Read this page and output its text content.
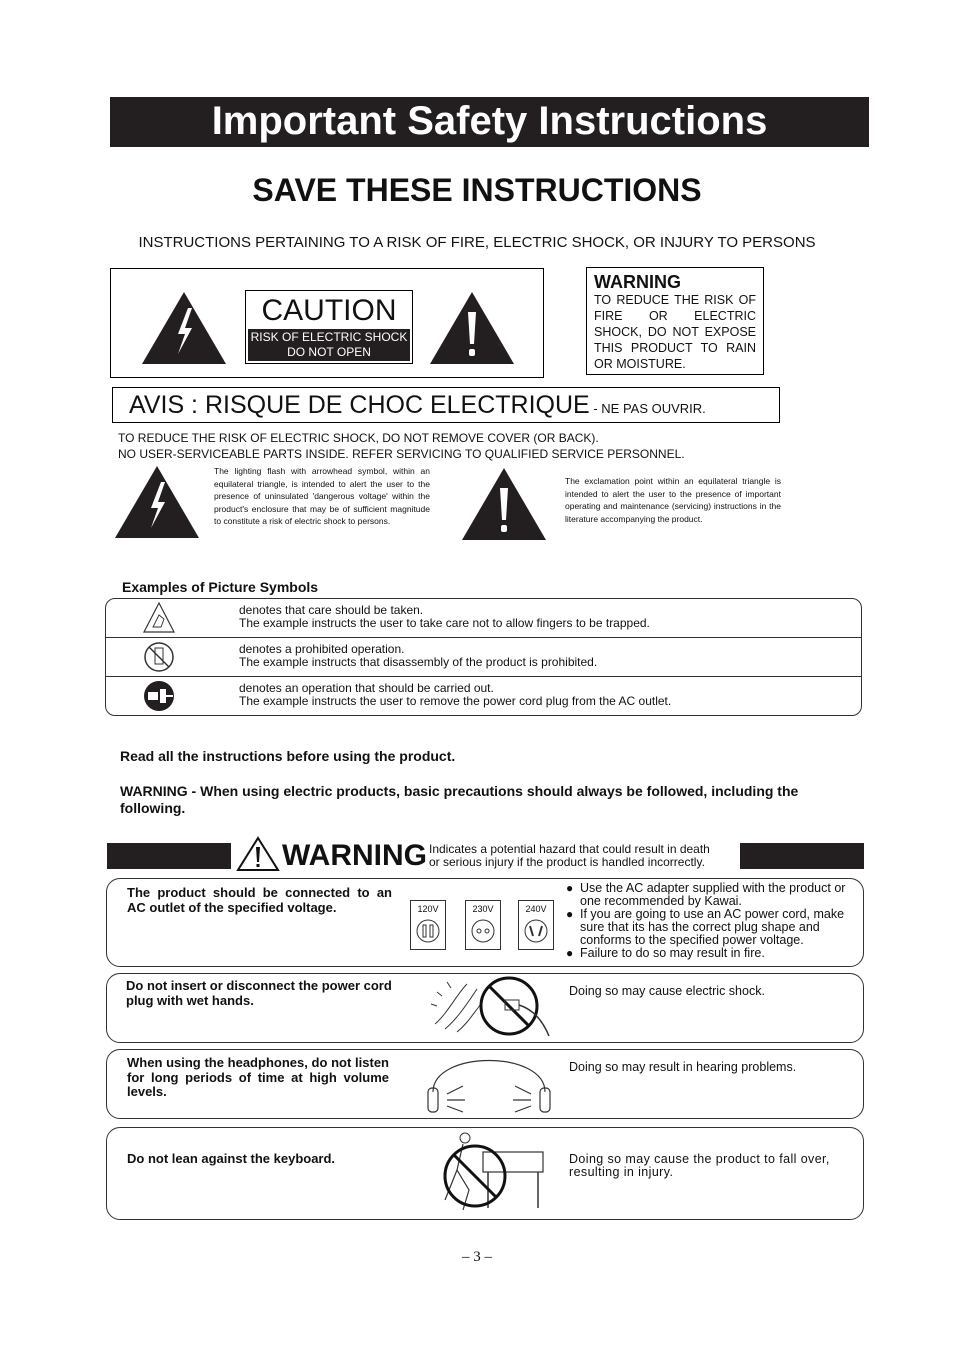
Important Safety Instructions
SAVE THESE INSTRUCTIONS
INSTRUCTIONS PERTAINING TO A RISK OF FIRE, ELECTRIC SHOCK, OR INJURY TO PERSONS
CAUTION
RISK OF ELECTRIC SHOCK
DO NOT OPEN
WARNING
TO REDUCE THE RISK OF FIRE OR ELECTRIC SHOCK, DO NOT EXPOSE THIS PRODUCT TO RAIN OR MOISTURE.
AVIS : RISQUE DE CHOC ELECTRIQUE - NE PAS OUVRIR.
TO REDUCE THE RISK OF ELECTRIC SHOCK, DO NOT REMOVE COVER (OR BACK).
NO USER-SERVICEABLE PARTS INSIDE. REFER SERVICING TO QUALIFIED SERVICE PERSONNEL.
The lighting flash with arrowhead symbol, within an equilateral triangle, is intended to alert the user to the presence of uninsulated 'dangerous voltage' within the product's enclosure that may be of sufficient magnitude to constitute a risk of electric shock to persons.
The exclamation point within an equilateral triangle is intended to alert the user to the presence of important operating and maintenance (servicing) instructions in the literature accompanying the product.
Examples of Picture Symbols
denotes that care should be taken.
The example instructs the user to take care not to allow fingers to be trapped.
denotes a prohibited operation.
The example instructs that disassembly of the product is prohibited.
denotes an operation that should be carried out.
The example instructs the user to remove the power cord plug from the AC outlet.
Read all the instructions before using the product.
WARNING - When using electric products, basic precautions should always be followed, including the following.
WARNING Indicates a potential hazard that could result in death
or serious injury if the product is handled incorrectly.
The product should be connected to an AC outlet of the specified voltage.	120V	230V	240V
● Use the AC adapter supplied with the product or one recommended by Kawai.
● If you are going to use an AC power cord, make sure that its has the correct plug shape and conforms to the specified power voltage.
● Failure to do so may result in fire.
Do not insert or disconnect the power cord plug with wet hands.
Doing so may cause electric shock.
When using the headphones, do not listen for long periods of time at high volume levels.
Doing so may result in hearing problems.
Do not lean against the keyboard.	Doing so may cause the product to fall over, resulting in injury.
– 3 –
